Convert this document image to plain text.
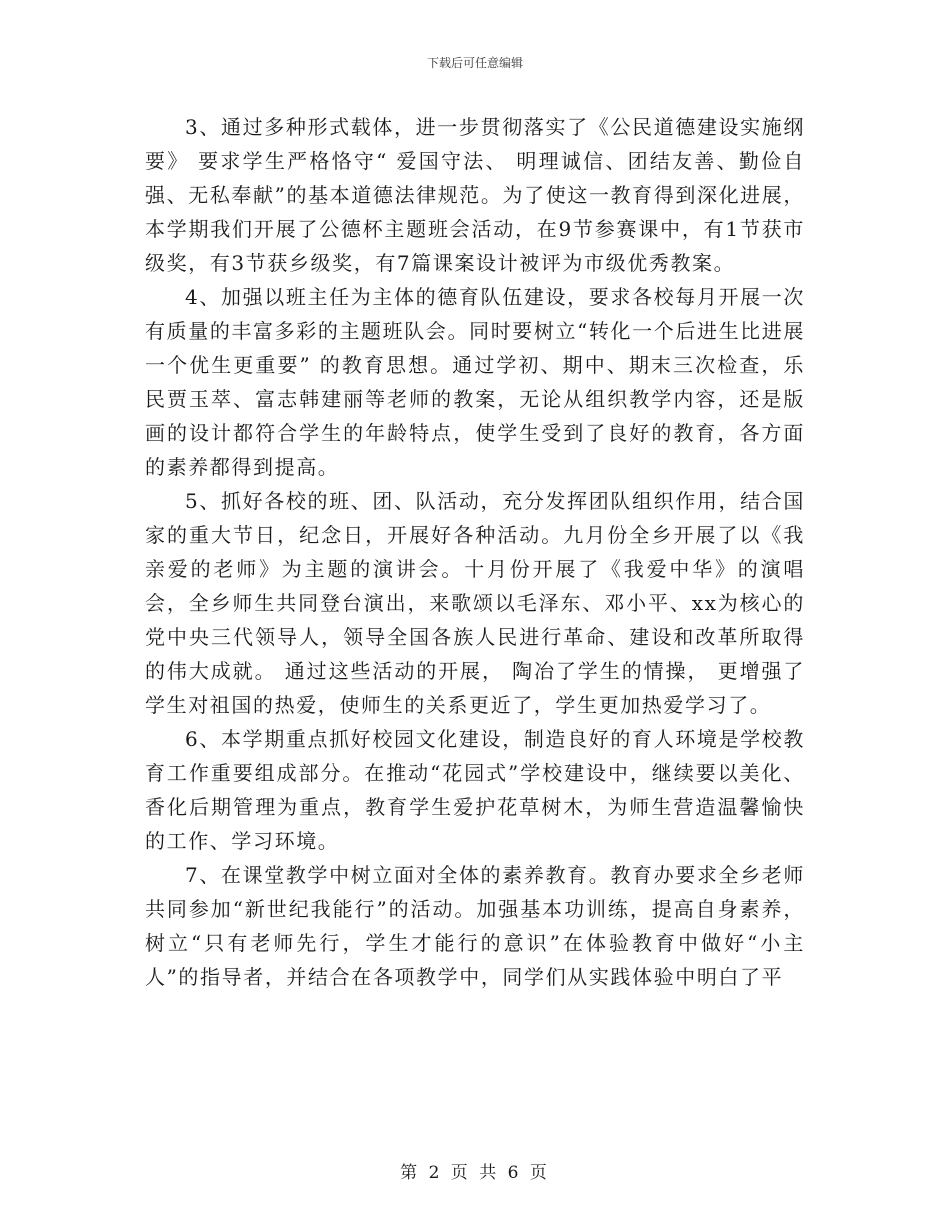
下载后可任意编辑

3、通过多种形式载体，进一步贯彻落实了《公民道德建设实施纲要》 要求学生严格恪守“ 爱国守法、 明理诚信、团结友善、勤俭自强、无私奉献”的基本道德法律规范。为了使这一教育得到深化进展，本学期我们开展了公德杯主题班会活动，在9节参赛课中，有1节获市级奖，有3节获乡级奖，有7篇课案设计被评为市级优秀教案。

4、加强以班主任为主体的德育队伍建设，要求各校每月开展一次有质量的丰富多彩的主题班队会。同时要树立“转化一个后进生比进展一个优生更重要” 的教育思想。通过学初、期中、期末三次检查，乐民贾玉萃、富志韩建丽等老师的教案，无论从组织教学内容，还是版画的设计都符合学生的年龄特点，使学生受到了良好的教育，各方面的素养都得到提高。

5、抓好各校的班、团、队活动，充分发挥团队组织作用，结合国家的重大节日，纪念日，开展好各种活动。九月份全乡开展了以《我亲爱的老师》为主题的演讲会。十月份开展了《我爱中华》的演唱会，全乡师生共同登台演出，来歌颂以毛泽东、邓小平、xx为核心的党中央三代领导人，领导全国各族人民进行革命、建设和改革所取得的伟大成就。 通过这些活动的开展， 陶冶了学生的情操， 更增强了学生对祖国的热爱，使师生的关系更近了，学生更加热爱学习了。

6、本学期重点抓好校园文化建设，制造良好的育人环境是学校教育工作重要组成部分。在推动“花园式”学校建设中，继续要以美化、香化后期管理为重点，教育学生爱护花草树木，为师生营造温馨愉快的工作、学习环境。

7、在课堂教学中树立面对全体的素养教育。教育办要求全乡老师共同参加“新世纪我能行”的活动。加强基本功训练，提高自身素养，树立“只有老师先行，学生才能行的意识”在体验教育中做好“小主人”的指导者，并结合在各项教学中，同学们从实践体验中明白了平

第 2 页 共 6 页
